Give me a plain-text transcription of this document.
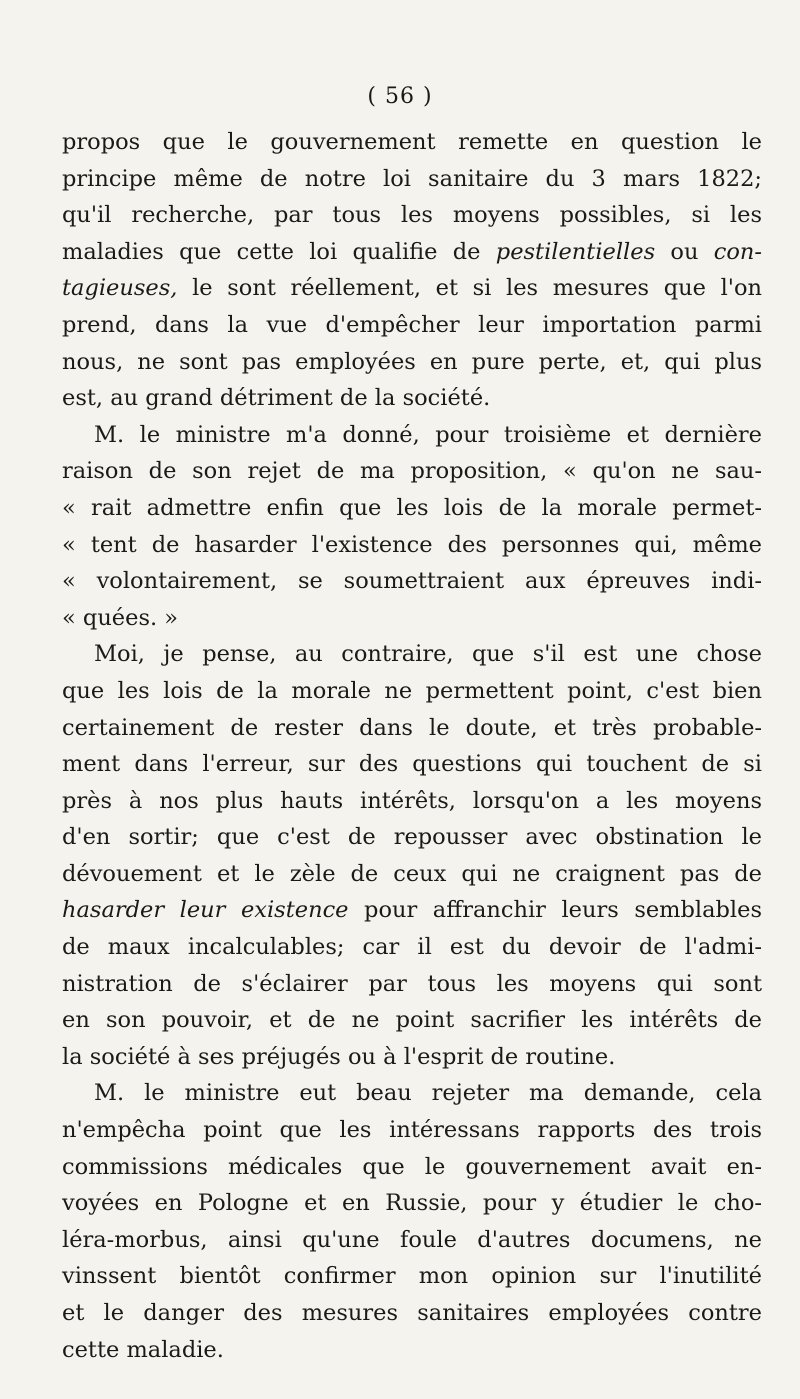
( 56 )

propos que le gouvernement remette en question le
principe même de notre loi sanitaire du 3 mars 1822;
qu'il recherche, par tous les moyens possibles, si les
maladies que cette loi qualifie de pestilentielles ou con-
tagieuses, le sont réellement, et si les mesures que l'on
prend, dans la vue d'empêcher leur importation parmi
nous, ne sont pas employées en pure perte, et, qui plus
est, au grand détriment de la société.

M. le ministre m'a donné, pour troisième et dernière
raison de son rejet de ma proposition, « qu'on ne sau-
« rait admettre enfin que les lois de la morale permet-
« tent de hasarder l'existence des personnes qui, même
« volontairement, se soumettraient aux épreuves indi-
« quées. »

Moi, je pense, au contraire, que s'il est une chose
que les lois de la morale ne permettent point, c'est bien
certainement de rester dans le doute, et très probable-
ment dans l'erreur, sur des questions qui touchent de si
près à nos plus hauts intérêts, lorsqu'on a les moyens
d'en sortir; que c'est de repousser avec obstination le
dévouement et le zèle de ceux qui ne craignent pas de
hasarder leur existence pour affranchir leurs semblables
de maux incalculables; car il est du devoir de l'admi-
nistration de s'éclairer par tous les moyens qui sont
en son pouvoir, et de ne point sacrifier les intérêts de
la société à ses préjugés ou à l'esprit de routine.

M. le ministre eut beau rejeter ma demande, cela
n'empêcha point que les intéressans rapports des trois
commissions médicales que le gouvernement avait en-
voyées en Pologne et en Russie, pour y étudier le cho-
léra-morbus, ainsi qu'une foule d'autres documens, ne
vinssent bientôt confirmer mon opinion sur l'inutilité
et le danger des mesures sanitaires employées contre
cette maladie.
